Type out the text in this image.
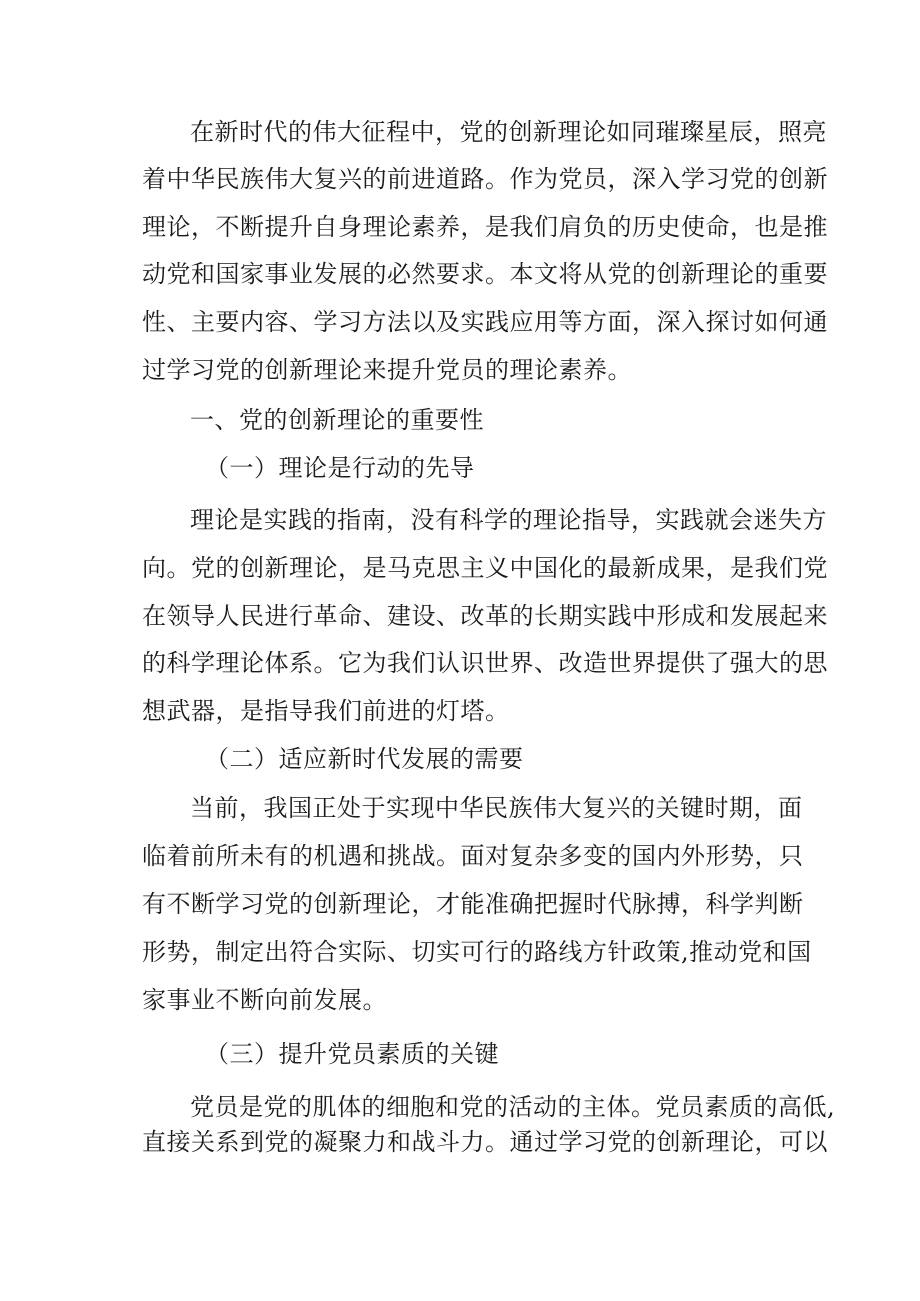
在新时代的伟大征程中，党的创新理论如同璀璨星辰，照亮
着中华民族伟大复兴的前进道路。作为党员，深入学习党的创新
理论，不断提升自身理论素养，是我们肩负的历史使命，也是推
动党和国家事业发展的必然要求。本文将从党的创新理论的重要
性、主要内容、学习方法以及实践应用等方面，深入探讨如何通
过学习党的创新理论来提升党员的理论素养。
一、党的创新理论的重要性
（一）理论是行动的先导
理论是实践的指南，没有科学的理论指导，实践就会迷失方
向。党的创新理论，是马克思主义中国化的最新成果，是我们党
在领导人民进行革命、建设、改革的长期实践中形成和发展起来
的科学理论体系。它为我们认识世界、改造世界提供了强大的思
想武器，是指导我们前进的灯塔。
（二）适应新时代发展的需要
当前，我国正处于实现中华民族伟大复兴的关键时期，面
临着前所未有的机遇和挑战。面对复杂多变的国内外形势，只
有不断学习党的创新理论，才能准确把握时代脉搏，科学判断
形势，制定出符合实际、切实可行的路线方针政策,推动党和国
家事业不断向前发展。
（三）提升党员素质的关键
党员是党的肌体的细胞和党的活动的主体。党员素质的高低,
直接关系到党的凝聚力和战斗力。通过学习党的创新理论，可以
